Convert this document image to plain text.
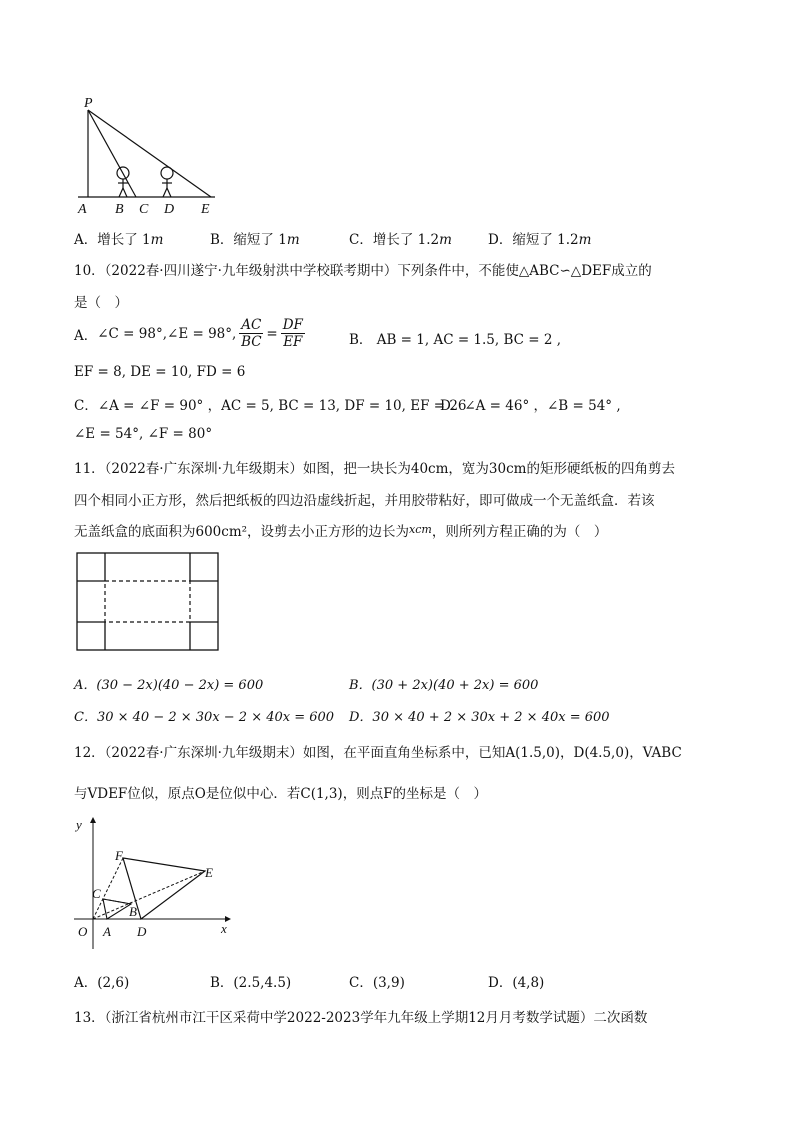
P
A B C D E
A．增长了 1m	B．缩短了 1m	C．增长了 1.2m	D．缩短了 1.2m
10．（2022春·四川遂宁·九年级射洪中学校联考期中）下列条件中，不能使△ABC∽△DEF成立的
是（　）
A． ∠C = 98°,∠E = 98°, $\frac{AC}{BC} = \frac{DF}{EF}$	B． AB = 1, AC = 1.5, BC = 2 ,
EF = 8, DE = 10, FD = 6
C．∠A = ∠F = 90° ，AC = 5, BC = 13, DF = 10, EF = 26
D．∠A = 46° ，∠B = 54° ,
∠E = 54°, ∠F = 80°
11．（2022春·广东深圳·九年级期末）如图，把一块长为40cm，宽为30cm的矩形硬纸板的四角剪去
四个相同小正方形，然后把纸板的四边沿虚线折起，并用胶带粘好，即可做成一个无盖纸盒．若该
无盖纸盒的底面积为600cm²，设剪去小正方形的边长为$^{xcm}$，则所列方程正确的为（　）
A．(30 − 2x)(40 − 2x) = 600	B．(30 + 2x)(40 + 2x) = 600
C．30 × 40 − 2 × 30x − 2 × 40x = 600 D．30 × 40 + 2 × 30x + 2 × 40x = 600
12．（2022春·广东深圳·九年级期末）如图，在平面直角坐标系中，已知A(1.5,0)，D(4.5,0)，VABC
与VDEF位似，原点O是位似中心．若C(1,3)，则点F的坐标是（　）
y
x
O A D
B
C
F
E
A．(2,6)	B．(2.5,4.5)	C．(3,9)	D．(4,8)
13．（浙江省杭州市江干区采荷中学2022-2023学年九年级上学期12月月考数学试题）二次函数
